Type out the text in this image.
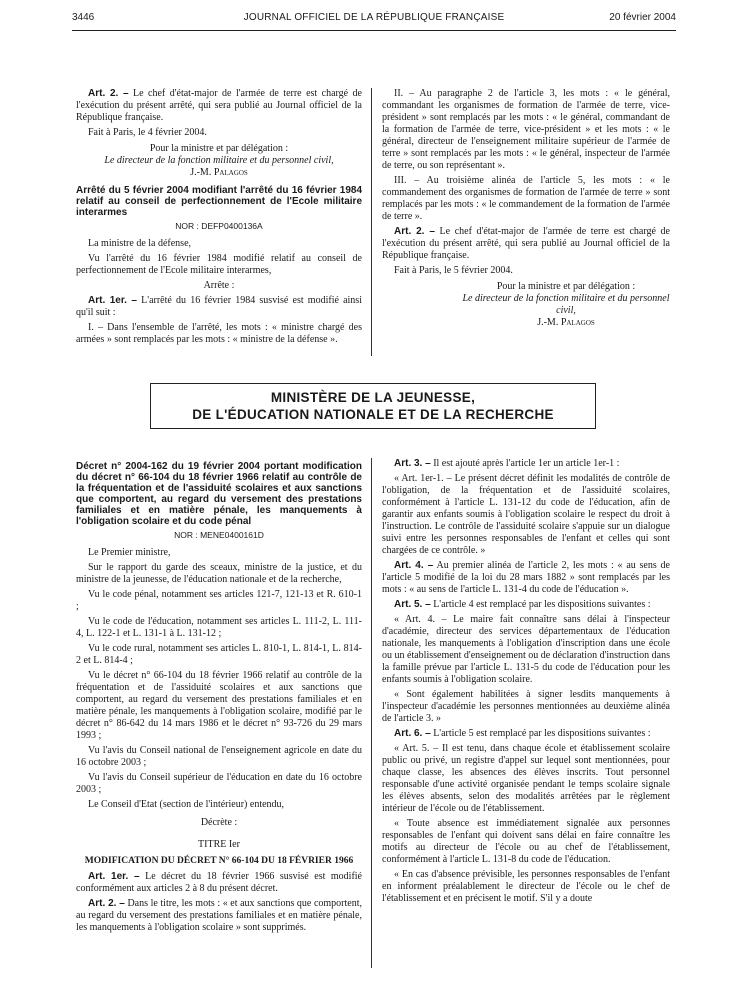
3446	JOURNAL OFFICIEL DE LA RÉPUBLIQUE FRANÇAISE	20 février 2004

Art. 2. – Le chef d'état-major de l'armée de terre est chargé de l'exécution du présent arrêté, qui sera publié au Journal officiel de la République française.

Fait à Paris, le 4 février 2004.

Pour la ministre et par délégation :
Le directeur de la fonction militaire et du personnel civil,
J.-M. Palagos

Arrêté du 5 février 2004 modifiant l'arrêté du 16 février 1984 relatif au conseil de perfectionnement de l'Ecole militaire interarmes

NOR : DEFP0400136A

La ministre de la défense,

Vu l'arrêté du 16 février 1984 modifié relatif au conseil de perfectionnement de l'Ecole militaire interarmes,

Arrête :

Art. 1er. – L'arrêté du 16 février 1984 susvisé est modifié ainsi qu'il suit :

I. – Dans l'ensemble de l'arrêté, les mots : « ministre chargé des armées » sont remplacés par les mots : « ministre de la défense ».

II. – Au paragraphe 2 de l'article 3, les mots : « le général, commandant les organismes de formation de l'armée de terre, vice-président » sont remplacés par les mots : « le général, commandant de la formation de l'armée de terre, vice-président » et les mots : « le général, directeur de l'enseignement militaire supérieur de l'armée de terre » sont remplacés par les mots : « le général, inspecteur de l'armée de terre, ou son représentant ».

III. – Au troisième alinéa de l'article 5, les mots : « le commandement des organismes de formation de l'armée de terre » sont remplacés par les mots : « le commandement de la formation de l'armée de terre ».

Art. 2. – Le chef d'état-major de l'armée de terre est chargé de l'exécution du présent arrêté, qui sera publié au Journal officiel de la République française.

Fait à Paris, le 5 février 2004.

Pour la ministre et par délégation :
Le directeur de la fonction militaire et du personnel civil,
J.-M. Palagos
MINISTÈRE DE LA JEUNESSE,
DE L'ÉDUCATION NATIONALE ET DE LA RECHERCHE

Décret n° 2004-162 du 19 février 2004 portant modification du décret n° 66-104 du 18 février 1966 relatif au contrôle de la fréquentation et de l'assiduité scolaires et aux sanctions que comportent, au regard du versement des prestations familiales et en matière pénale, les manquements à l'obligation scolaire et du code pénal

NOR : MENE0400161D

Le Premier ministre,

Sur le rapport du garde des sceaux, ministre de la justice, et du ministre de la jeunesse, de l'éducation nationale et de la recherche,

Vu le code pénal, notamment ses articles 121-7, 121-13 et R. 610-1 ;

Vu le code de l'éducation, notamment ses articles L. 111-2, L. 111-4, L. 122-1 et L. 131-1 à L. 131-12 ;

Vu le code rural, notamment ses articles L. 810-1, L. 814-1, L. 814-2 et L. 814-4 ;

Vu le décret n° 66-104 du 18 février 1966 relatif au contrôle de la fréquentation et de l'assiduité scolaires et aux sanctions que comportent, au regard du versement des prestations familiales et en matière pénale, les manquements à l'obligation scolaire, modifié par le décret n° 86-642 du 14 mars 1986 et le décret n° 93-726 du 29 mars 1993 ;

Vu l'avis du Conseil national de l'enseignement agricole en date du 16 octobre 2003 ;

Vu l'avis du Conseil supérieur de l'éducation en date du 16 octobre 2003 ;

Le Conseil d'Etat (section de l'intérieur) entendu,

Décrète :

TITRE Ier

MODIFICATION DU DÉCRET N° 66-104 DU 18 FÉVRIER 1966

Art. 1er. – Le décret du 18 février 1966 susvisé est modifié conformément aux articles 2 à 8 du présent décret.

Art. 2. – Dans le titre, les mots : « et aux sanctions que comportent, au regard du versement des prestations familiales et en matière pénale, les manquements à l'obligation scolaire » sont supprimés.

Art. 3. – Il est ajouté après l'article 1er un article 1er-1 :

« Art. 1er-1. – Le présent décret définit les modalités de contrôle de l'obligation, de la fréquentation et de l'assiduité scolaires, conformément à l'article L. 131-12 du code de l'éducation, afin de garantir aux enfants soumis à l'obligation scolaire le respect du droit à l'instruction. Le contrôle de l'assiduité scolaire s'appuie sur un dialogue suivi entre les personnes responsables de l'enfant et celles qui sont chargées de ce contrôle. »

Art. 4. – Au premier alinéa de l'article 2, les mots : « au sens de l'article 5 modifié de la loi du 28 mars 1882 » sont remplacés par les mots : « au sens de l'article L. 131-4 du code de l'éducation ».

Art. 5. – L'article 4 est remplacé par les dispositions suivantes :

« Art. 4. – Le maire fait connaître sans délai à l'inspecteur d'académie, directeur des services départementaux de l'éducation nationale, les manquements à l'obligation d'inscription dans une école ou un établissement d'enseignement ou de déclaration d'instruction dans la famille prévue par l'article L. 131-5 du code de l'éducation pour les enfants soumis à l'obligation scolaire.

« Sont également habilitées à signer lesdits manquements à l'inspecteur d'académie les personnes mentionnées au deuxième alinéa de l'article 3. »

Art. 6. – L'article 5 est remplacé par les dispositions suivantes :

« Art. 5. – Il est tenu, dans chaque école et établissement scolaire public ou privé, un registre d'appel sur lequel sont mentionnées, pour chaque classe, les absences des élèves inscrits. Tout personnel responsable d'une activité organisée pendant le temps scolaire signale les élèves absents, selon des modalités arrêtées par le règlement intérieur de l'école ou de l'établissement.

« Toute absence est immédiatement signalée aux personnes responsables de l'enfant qui doivent sans délai en faire connaître les motifs au directeur de l'école ou au chef de l'établissement, conformément à l'article L. 131-8 du code de l'éducation.

« En cas d'absence prévisible, les personnes responsables de l'enfant en informent préalablement le directeur de l'école ou le chef de l'établissement et en précisent le motif. S'il y a doute
